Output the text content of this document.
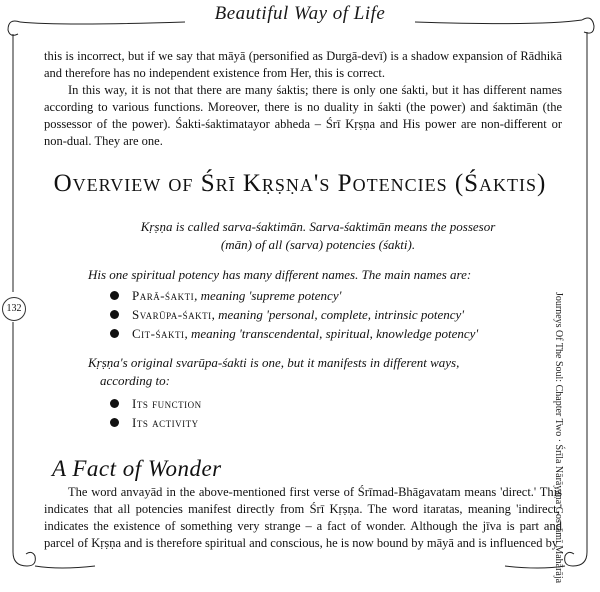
Beautiful Way of Life
132	Journeys Of The Soul: Chapter Two · Śrīla Nārāyaṇa Gosvāmī Mahārāja

this is incorrect, but if we say that māyā (personified as Durgā-devī) is a shadow expansion of Rādhikā and therefore has no independent existence from Her, this is correct.

In this way, it is not that there are many śaktis; there is only one śakti, but it has different names according to various functions. Moreover, there is no duality in śakti (the power) and śaktimān (the possessor of the power). Śakti-śaktimatayor abheda – Śrī Kṛṣṇa and His power are non-different or non-dual. They are one.

Overview of Śrī Kṛṣṇa's Potencies (Śaktis)
Kṛṣṇa is called sarva-śaktimān. Sarva-śaktimān means the possesor
(mān) of all (sarva) potencies (śakti).
His one spiritual potency has many different names. The main names are:
Parā-śakti, meaning 'supreme potency'
Svarūpa-śakti, meaning 'personal, complete, intrinsic potency'
Cit-śakti, meaning 'transcendental, spiritual, knowledge potency'
Kṛṣṇa's original svarūpa-śakti is one, but it manifests in different ways,
according to:
Its function
Its activity
A Fact of Wonder

The word anvayād in the above-mentioned first verse of Śrīmad-Bhāgavatam means 'direct.' This indicates that all potencies manifest directly from Śrī Kṛṣṇa. The word itaratas, meaning 'indirect,' indicates the existence of something very strange – a fact of wonder. Although the jīva is part and parcel of Kṛṣṇa and is therefore spiritual and conscious, he is now bound by māyā and is influenced by
